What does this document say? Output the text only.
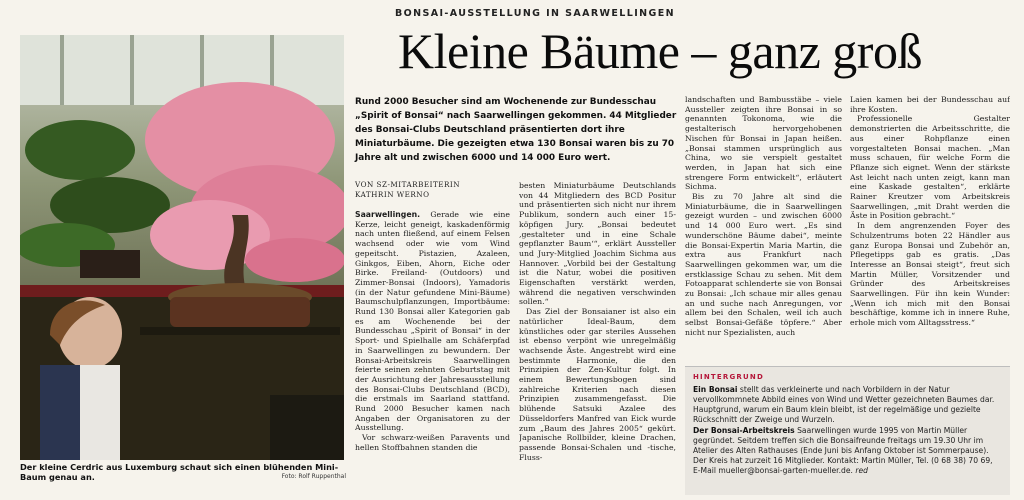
BONSAI-AUSSTELLUNG IN SAARWELLINGEN
Kleine Bäume – ganz groß
Der kleine Cerdric aus Luxemburg schaut sich einen blühenden Mini-Baum genau an.	Foto: Rolf Ruppenthal
Rund 2000 Besucher sind am Wochenende zur Bundesschau „Spirit of Bonsai“ nach Saarwellingen gekommen. 44 Mitglieder des Bonsai-Clubs Deutschland präsentierten dort ihre Miniaturbäume. Die gezeigten etwa 130 Bonsai waren bis zu 70 Jahre alt und zwischen 6000 und 14 000 Euro wert.
VON SZ-MITARBEITERIN
KATHRIN WERNO

Saarwellingen. Gerade wie eine Kerze, leicht geneigt, kaskadenförmig nach unten fließend, auf einem Felsen wachsend oder wie vom Wind gepeitscht. Pistazien, Azaleen, Ginkgos, Eiben, Ahorn, Eiche oder Birke. Freiland- (Outdoors) und Zimmer-Bonsai (Indoors), Yamadoris (in der Natur gefundene Mini-Bäume) Baumschulpflanzungen, Importbäume: Rund 130 Bonsai aller Kategorien gab es am Wochenende bei der Bundesschau „Spirit of Bonsai“ in der Sport- und Spielhalle am Schäferpfad in Saarwellingen zu bewundern. Der Bonsai-Arbeitskreis Saarwellingen feierte seinen zehnten Geburtstag mit der Ausrichtung der Jahresausstellung des Bonsai-Clubs Deutschland (BCD), die erstmals im Saarland stattfand. Rund 2000 Besucher kamen nach Angaben der Organisatoren zu der Ausstellung.

Vor schwarz-weißen Paravents und hellen Stoffbahnen standen die

besten Miniaturbäume Deutschlands von 44 Mitgliedern des BCD Positur und präsentierten sich nicht nur ihrem Publikum, sondern auch einer 15-köpfigen Jury. „Bonsai bedeutet ‚gestalteter und in eine Schale gepflanzter Baum‘“, erklärt Aussteller und Jury-Mitglied Joachim Sichma aus Hannover. „Vorbild bei der Gestaltung ist die Natur, wobei die positiven Eigenschaften verstärkt werden, während die negativen verschwinden sollen.“

Das Ziel der Bonsaianer ist also ein natürlicher Ideal-Baum, dem künstliches oder gar steriles Aussehen ist ebenso verpönt wie unregelmäßig wachsende Äste. Angestrebt wird eine bestimmte Harmonie, die den Prinzipien der Zen-Kultur folgt. In einem Bewertungsbogen sind zahlreiche Kriterien nach diesen Prinzipien zusammengefasst. Die blühende Satsuki Azalee des Düsseldorfers Manfred van Eick wurde zum „Baum des Jahres 2005“ gekürt. Japanische Rollbilder, kleine Drachen, passende Bonsai-Schalen und -tische, Fluss-

landschaften und Bambusstäbe – viele Aussteller zeigten ihre Bonsai in so genannten Tokonoma, wie die gestalterisch hervorgehobenen Nischen für Bonsai in Japan heißen. „Bonsai stammen ursprünglich aus China, wo sie verspielt gestaltet werden, in Japan hat sich eine strengere Form entwickelt“, erläutert Sichma.

Bis zu 70 Jahre alt sind die Miniaturbäume, die in Saarwellingen gezeigt wurden – und zwischen 6000 und 14 000 Euro wert. „Es sind wunderschöne Bäume dabei“, meinte die Bonsai-Expertin Maria Martin, die extra aus Frankfurt nach Saarwellingen gekommen war, um die erstklassige Schau zu sehen. Mit dem Fotoapparat schlenderte sie von Bonsai zu Bonsai: „Ich schaue mir alles genau an und suche nach Anregungen, vor allem bei den Schalen, weil ich auch selbst Bonsai-Gefäße töpfere.“ Aber nicht nur Spezialisten, auch

Laien kamen bei der Bundesschau auf ihre Kosten.

Professionelle Gestalter demonstrierten die Arbeitsschritte, die aus einer Rohpflanze einen vorgestalteten Bonsai machen. „Man muss schauen, für welche Form die Pflanze sich eignet. Wenn der stärkste Ast leicht nach unten zeigt, kann man eine Kaskade gestalten“, erklärte Rainer Kreutzer vom Arbeitskreis Saarwellingen, „mit Draht werden die Äste in Position gebracht.“

In dem angrenzenden Foyer des Schulzentrums boten 22 Händler aus ganz Europa Bonsai und Zubehör an, Pflegetipps gab es gratis. „Das Interesse an Bonsai steigt“, freut sich Martin Müller, Vorsitzender und Gründer des Arbeitskreises Saarwellingen. Für ihn kein Wunder: „Wenn ich mich mit den Bonsai beschäftige, komme ich in innere Ruhe, erhole mich vom Alltagsstress.“

HINTERGRUND

Ein Bonsai stellt das verkleinerte und nach Vorbildern in der Natur vervollkommnete Abbild eines von Wind und Wetter gezeichneten Baumes dar. Hauptgrund, warum ein Baum klein bleibt, ist der regelmäßige und gezielte Rückschnitt der Zweige und Wurzeln.

Der Bonsai-Arbeitskreis Saarwellingen wurde 1995 von Martin Müller gegründet. Seitdem treffen sich die Bonsaifreunde freitags um 19.30 Uhr im Atelier des Alten Rathauses (Ende Juni bis Anfang Oktober ist Sommerpause). Der Kreis hat zurzeit 16 Mitglieder. Kontakt: Martin Müller, Tel. (0 68 38) 70 69, E-Mail mueller@bonsai-garten-mueller.de. red
